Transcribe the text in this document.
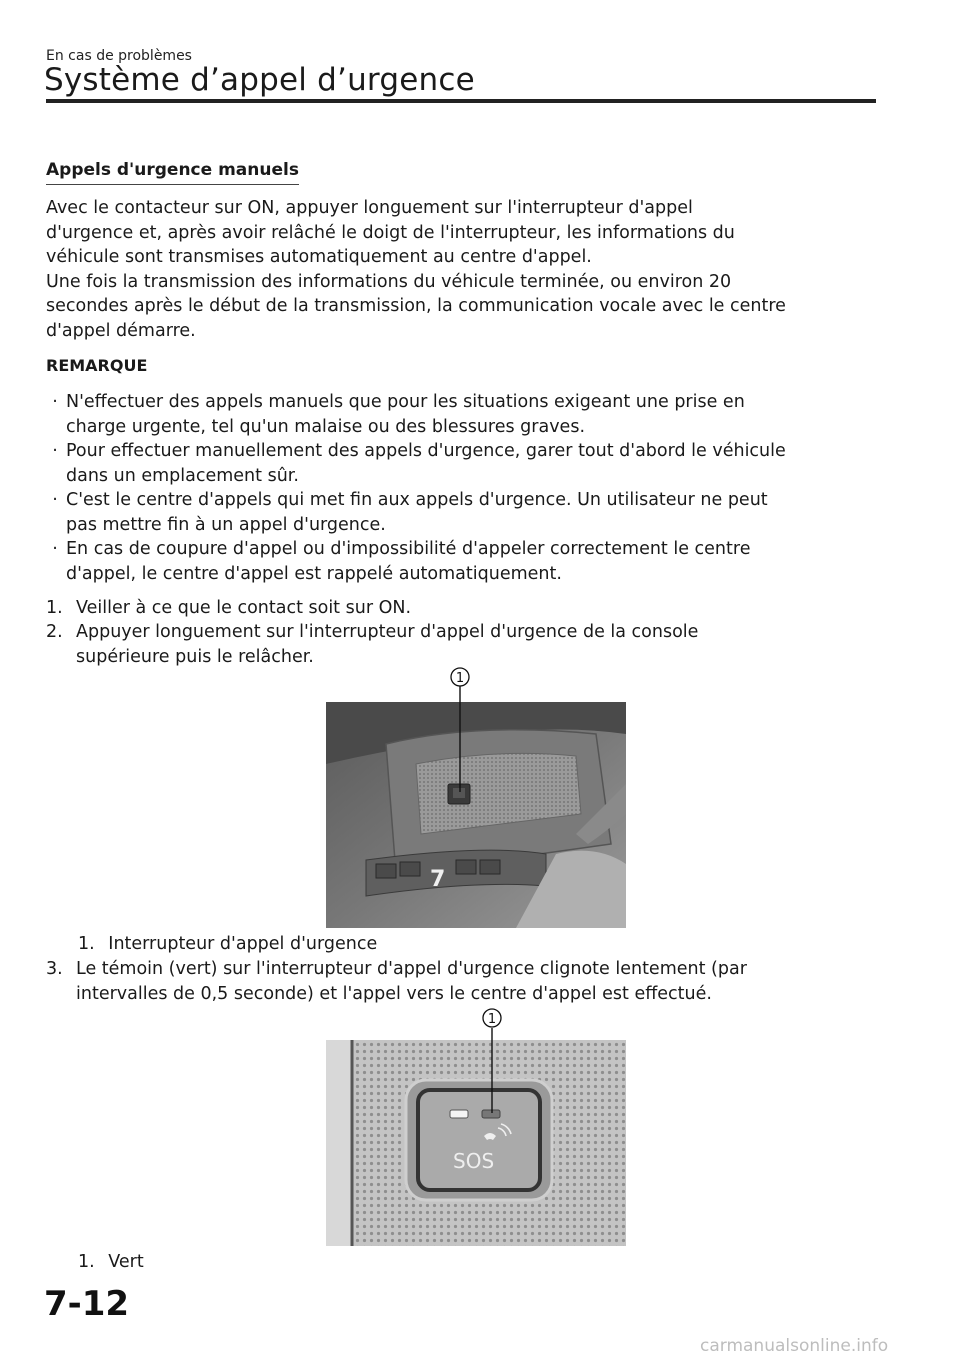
En cas de problèmes
Système d’appel d’urgence
Appels d'urgence manuels
Avec le contacteur sur ON, appuyer longuement sur l'interrupteur d'appel
d'urgence et, après avoir relâché le doigt de l'interrupteur, les informations du
véhicule sont transmises automatiquement au centre d'appel.
Une fois la transmission des informations du véhicule terminée, ou environ 20
secondes après le début de la transmission, la communication vocale avec le centre
d'appel démarre.
REMARQUE
· N'effectuer des appels manuels que pour les situations exigeant une prise en
charge urgente, tel qu'un malaise ou des blessures graves.
· Pour effectuer manuellement des appels d'urgence, garer tout d'abord le véhicule
dans un emplacement sûr.
· C'est le centre d'appels qui met fin aux appels d'urgence. Un utilisateur ne peut
pas mettre fin à un appel d'urgence.
· En cas de coupure d'appel ou d'impossibilité d'appeler correctement le centre
d'appel, le centre d'appel est rappelé automatiquement.
1. Veiller à ce que le contact soit sur ON.
2. Appuyer longuement sur l'interrupteur d'appel d'urgence de la console
supérieure puis le relâcher.
7
1
1. Interrupteur d'appel d'urgence
3. Le témoin (vert) sur l'interrupteur d'appel d'urgence clignote lentement (par
intervalles de 0,5 seconde) et l'appel vers le centre d'appel est effectué.
SOS
1
1. Vert
7-12
carmanualsonline.info
